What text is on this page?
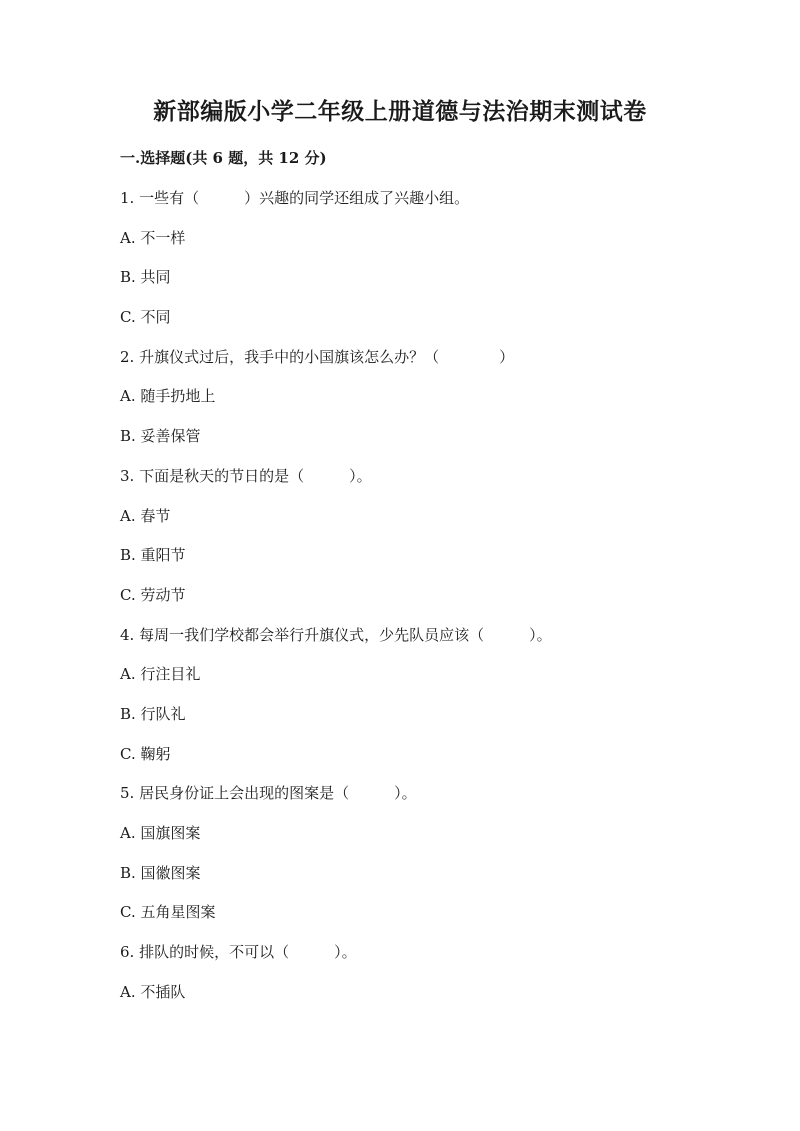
新部编版小学二年级上册道德与法治期末测试卷
一.选择题(共 6 题，共 12 分)
1. 一些有（　　　）兴趣的同学还组成了兴趣小组。
A. 不一样
B. 共同
C. 不同
2. 升旗仪式过后，我手中的小国旗该怎么办？（　　　　）
A. 随手扔地上
B. 妥善保管
3. 下面是秋天的节日的是（　　　）。
A. 春节
B. 重阳节
C. 劳动节
4. 每周一我们学校都会举行升旗仪式，少先队员应该（　　　）。
A. 行注目礼
B. 行队礼
C. 鞠躬
5. 居民身份证上会出现的图案是（　　　）。
A. 国旗图案
B. 国徽图案
C. 五角星图案
6. 排队的时候，不可以（　　　）。
A. 不插队
